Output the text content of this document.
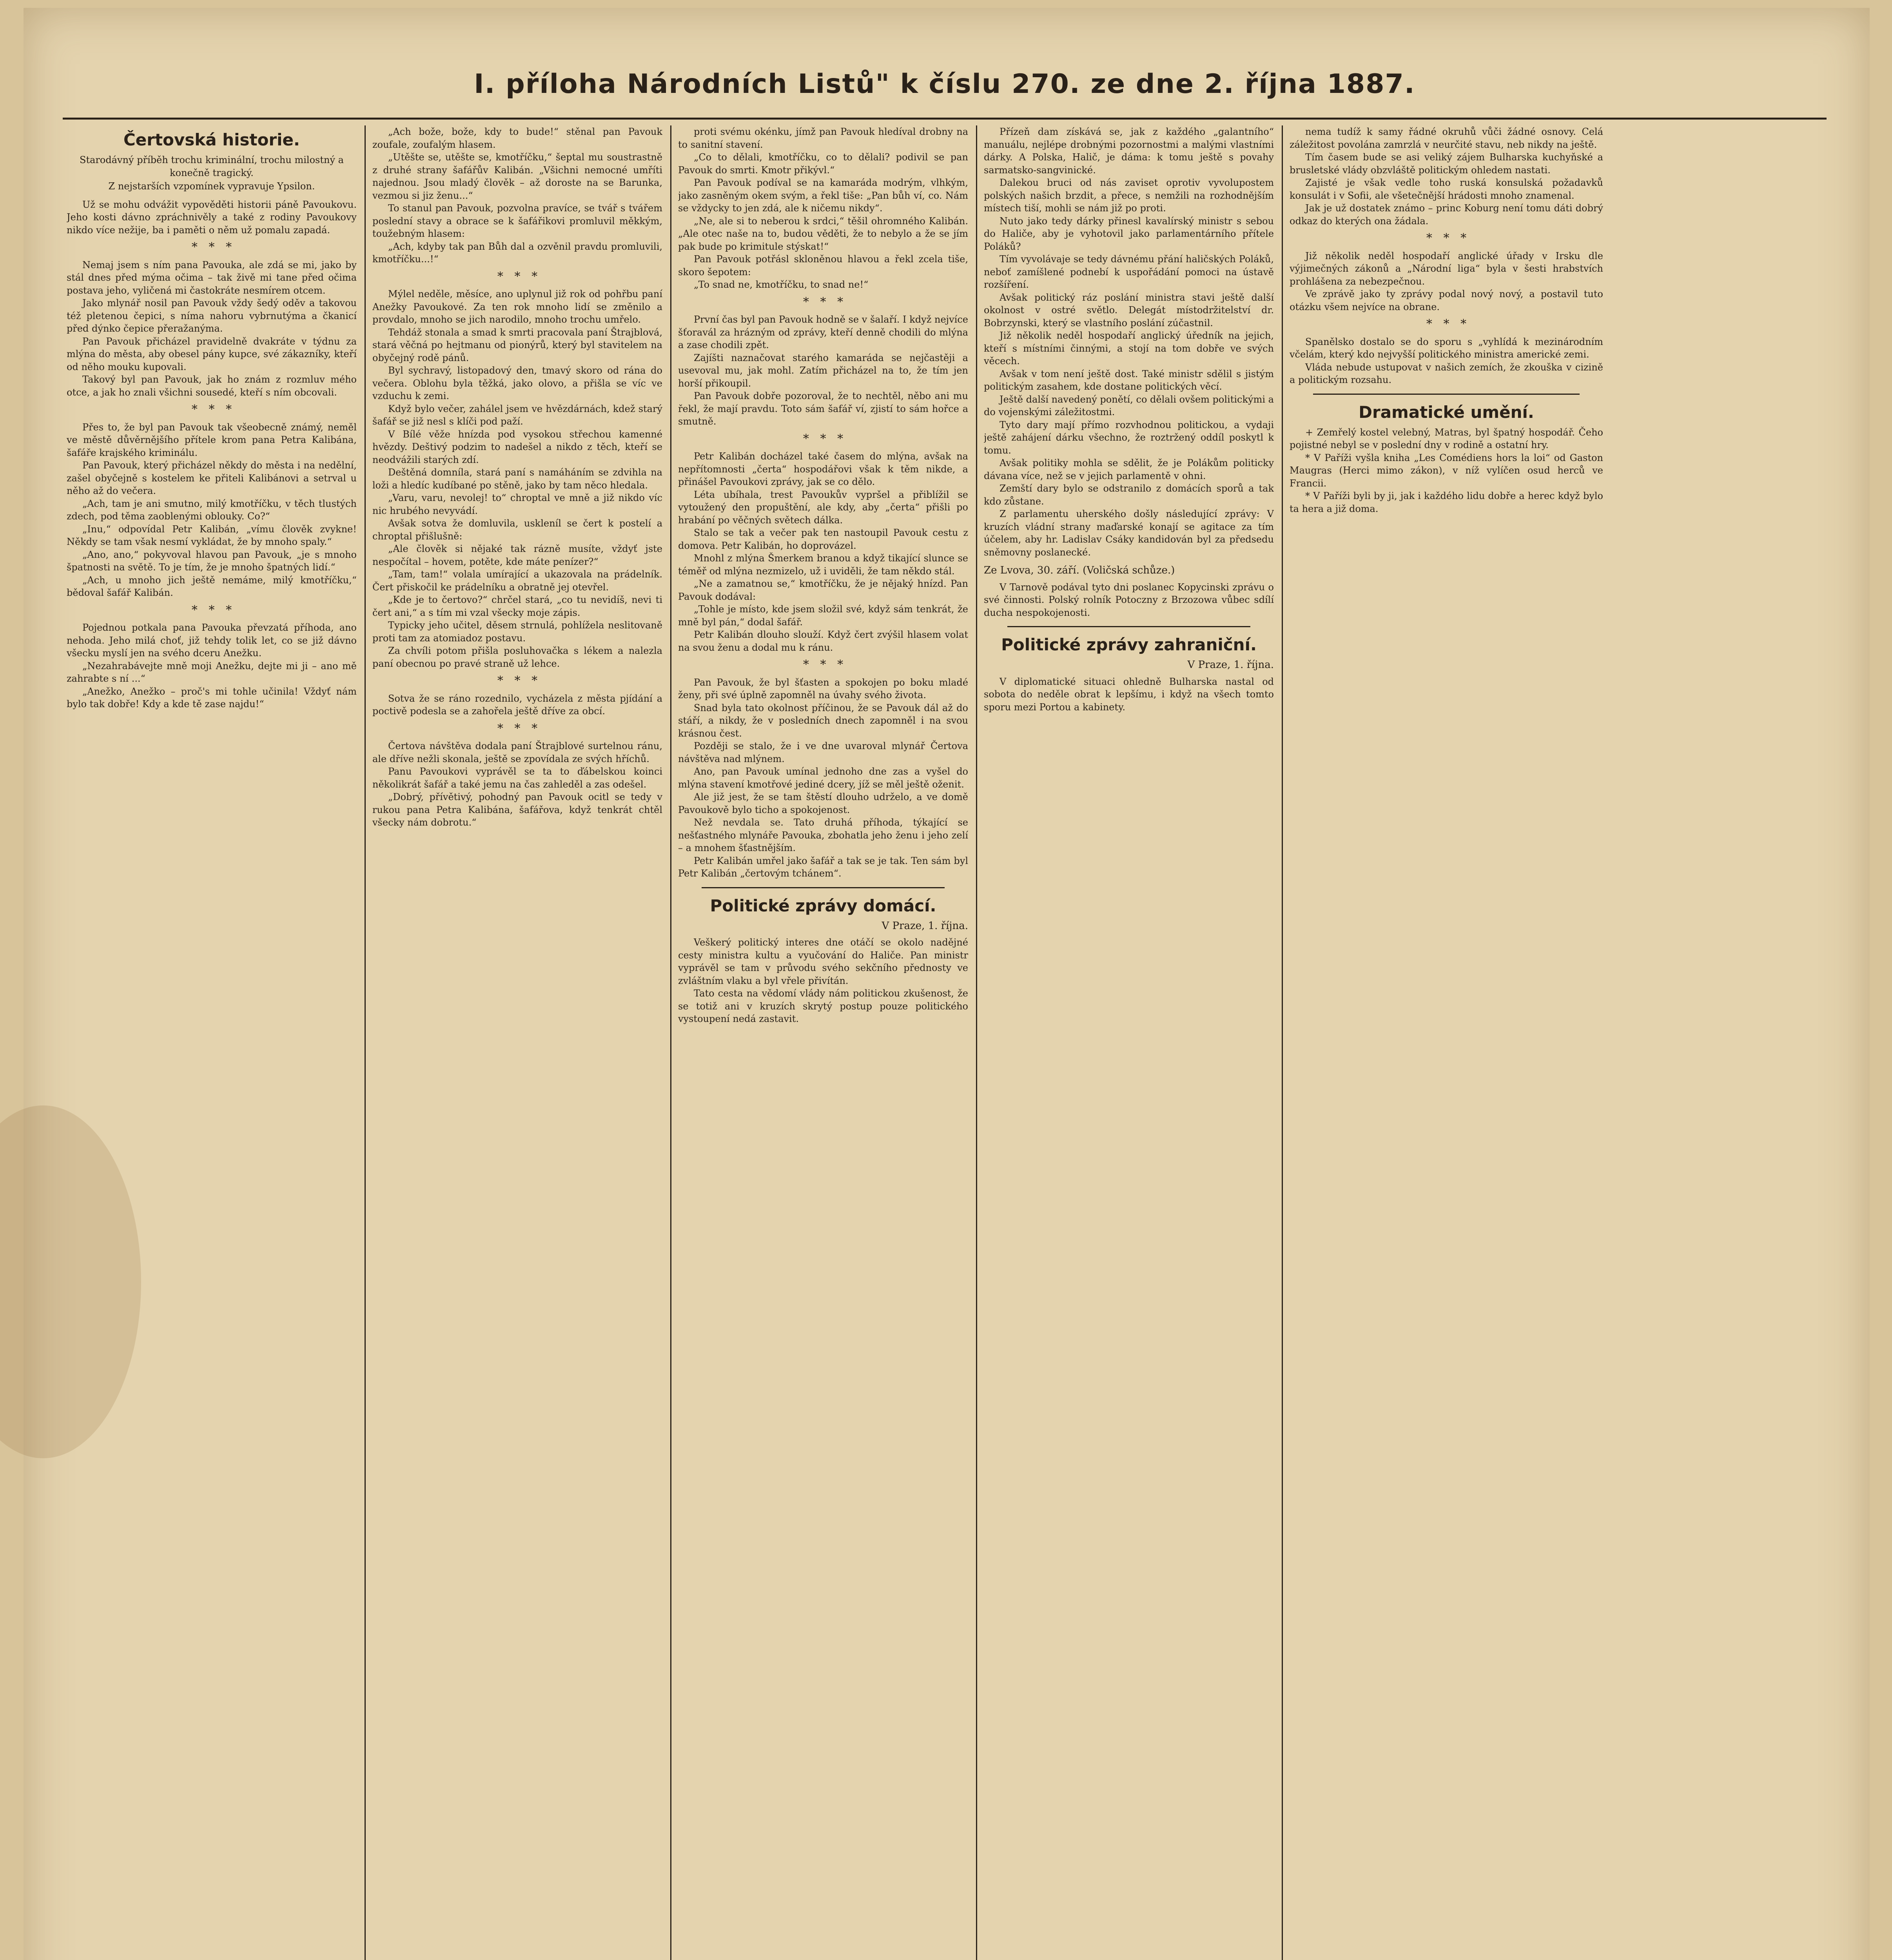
I. příloha Národních Listů" k číslu 270. ze dne 2. října 1887.
Čertovská historie.
Starodávný příběh trochu kriminální, trochu milostný a konečně tragický.
Z nejstarších vzpomínek vypravuje Ypsilon.

Už se mohu odvážit vypověděti historii páně Pavoukovu. Jeho kosti dávno zpráchnivěly a také z rodiny Pavoukovy nikdo více nežije, ba i paměti o něm už pomalu zapadá.

*   *   *

Nemaj jsem s ním pana Pavouka, ale zdá se mi, jako by stál dnes před mýma očima – tak živě mi tane před očima postava jeho, vyličená mi častokráte nesmírem otcem.

Jako mlynář nosil pan Pavouk vždy šedý oděv a takovou též pletenou čepici, s níma nahoru vybrnutýma a čkanicí před dýnko čepice přeražanýma.

Pan Pavouk přicházel pravidelně dvakráte v týdnu za mlýna do města, aby obesel pány kupce, své zákazníky, kteří od něho mouku kupovali.

Takový byl pan Pavouk, jak ho znám z rozmluv mého otce, a jak ho znali všichni sousedé, kteří s ním obcovali.

*   *   *

Přes to, že byl pan Pavouk tak všeobecně známý, neměl ve městě důvěrnějšího přítele krom pana Petra Kalibána, šafáře krajského kriminálu.

Pan Pavouk, který přicházel někdy do města i na nedělní, zašel obyčejně s kostelem ke přiteli Kalibánovi a setrval u něho až do večera.

„Ach, tam je ani smutno, milý kmotříčku, v těch tlustých zdech, pod těma zaoblenými oblouky. Co?“

„Inu,“ odpovídal Petr Kalibán, „vímu člověk zvykne! Někdy se tam však nesmí vykládat, že by mnoho spaly.“

„Ano, ano,“ pokyvoval hlavou pan Pavouk, „je s mnoho špatnosti na světě. To je tím, že je mnoho špatných lidí.“

„Ach, u mnoho jich ještě nemáme, milý kmotříčku,“ bědoval šafář Kalibán.

*   *   *

Pojednou potkala pana Pavouka převzatá příhoda, ano nehoda. Jeho milá choť, již tehdy tolik let, co se již dávno všecku myslí jen na svého dceru Anežku.

„Nezahrabávejte mně moji Anežku, dejte mi ji – ano mě zahrabte s ní ...“

„Anežko, Anežko – proč's mi tohle učinila! Vždyť nám bylo tak dobře! Kdy a kde tě zase najdu!“

„Ach bože, bože, kdy to bude!“ stěnal pan Pavouk zoufale, zoufalým hlasem.

„Utěšte se, utěšte se, kmotříčku,“ šeptal mu soustrastně z druhé strany šafářův Kalibán. „Všichni nemocné umříti najednou. Jsou mladý člověk – až doroste na se Barunka, vezmou si jiz ženu...“

To stanul pan Pavouk, pozvolna pravíce, se tvář s tvářem poslední stavy a obrace se k šafářikovi promluvil měkkým, toužebným hlasem:

„Ach, kdyby tak pan Bůh dal a ozvěnil pravdu promluvili, kmotříčku...!“

*   *   *

Mýlel neděle, měsíce, ano uplynul již rok od pohřbu paní Anežky Pavoukové. Za ten rok mnoho lidí se změnilo a provdalo, mnoho se jich narodilo, mnoho trochu umřelo.

Tehdáž stonala a smad k smrti pracovala paní Štrajblová, stará věčná po hejtmanu od pionýrů, který byl stavitelem na obyčejný rodě pánů.

Byl sychravý, listopadový den, tmavý skoro od rána do večera. Oblohu byla těžká, jako olovo, a přišla se víc ve vzduchu k zemi.

Když bylo večer, zahálel jsem ve hvězdárnách, kdež starý šafář se již nesl s klíči pod paží.

V Bílé věže hnízda pod vysokou střechou kamenné hvězdy. Deštivý podzim to nadešel a nikdo z těch, kteří se neodvážili starých zdí.

Deštěná domníla, stará paní s namáháním se zdvihla na loži a hledíc kudíbané po stěně, jako by tam něco hledala.

„Varu, varu, nevolej! to“ chroptal ve mně a již nikdo víc nic hrubého nevyvádí.

Avšak sotva že domluvila, uskleníl se čert k postelí a chroptal přišlušně:

„Ale člověk si nějaké tak rázně musíte, vždyť jste nespočítal – hovem, potěte, kde máte penízer?“

„Tam, tam!“ volala umírající a ukazovala na prádelník. Čert přiskočil ke prádelníku a obratně jej otevřel.

„Kde je to čertovo?“ chrčel stará, „co tu nevidíš, nevi ti čert ani,“ a s tím mi vzal všecky moje zápis.

Typicky jeho učitel, děsem strnulá, pohlížela neslitovaně proti tam za atomiadoz postavu.

Za chvíli potom přišla posluhovačka s lékem a nalezla paní obecnou po pravé straně už lehce.

*   *   *

Sotva že se ráno rozednilo, vycházela z města pjídání a poctivě podesla se a zahořela ještě dříve za obcí.

*   *   *

Čertova návštěva dodala paní Štrajblové surtelnou ránu, ale dříve nežli skonala, ještě se zpovídala ze svých hříchů.

Panu Pavoukovi vyprávěl se ta to ďábelskou koinci několikrát šafář a také jemu na čas zahleděl a zas odešel.

„Dobrý, přívětivý, pohodný pan Pavouk ocitl se tedy v rukou pana Petra Kalibána, šafářova, když tenkrát chtěl všecky nám dobrotu.“

proti svému okénku, jímž pan Pavouk hledíval drobny na to sanitní stavení.

„Co to dělali, kmotříčku, co to dělali? podivil se pan Pavouk do smrti. Kmotr přikývl.“

Pan Pavouk podíval se na kamaráda modrým, vlhkým, jako zasněným okem svým, a řekl tiše: „Pan bůh ví, co. Nám se vždycky to jen zdá, ale k ničemu nikdy“.

„Ne, ale si to neberou k srdci,“ těšil ohromného Kalibán. „Ale otec naše na to, budou věděti, že to nebylo a že se jím pak bude po krimitule stýskat!“

Pan Pavouk potřásl skloněnou hlavou a řekl zcela tiše, skoro šepotem:

„To snad ne, kmotříčku, to snad ne!“

*   *   *

První čas byl pan Pavouk hodně se v šalaří. I když nejvíce šťoravál za hrázným od zprávy, kteří denně chodili do mlýna a zase chodili zpět.

Zajíšti naznačovat starého kamaráda se nejčastěji a usevoval mu, jak mohl. Zatím přicházel na to, že tím jen horší přikoupil.

Pan Pavouk dobře pozoroval, že to nechtěl, něbo ani mu řekl, že mají pravdu. Toto sám šafář ví, zjistí to sám hořce a smutně.

*   *   *

Petr Kalibán docházel také časem do mlýna, avšak na nepřítomnosti „čerta“ hospodářovi však k těm nikde, a přinášel Pavoukovi zprávy, jak se co dělo.

Léta ubíhala, trest Pavoukův vypršel a přiblížil se vytoužený den propuštění, ale kdy, aby „čerta“ přišli po hrabání po věčných světech dálka.

Stalo se tak a večer pak ten nastoupil Pavouk cestu z domova. Petr Kalibán, ho doprovázel.

Mnohl z mlýna Šmerkem branou a když tikající slunce se téměř od mlýna nezmizelo, už i uviděli, že tam někdo stál.

„Ne a zamatnou se,“ kmotříčku, že je nějaký hnízd. Pan Pavouk dodával:

„Tohle je místo, kde jsem složil své, když sám tenkrát, že mně byl pán,“ dodal šafář.

Petr Kalibán dlouho slouží. Když čert zvýšil hlasem volat na svou ženu a dodal mu k ránu.

*   *   *

Pan Pavouk, že byl šťasten a spokojen po boku mladé ženy, při své úplně zapomněl na úvahy svého života.

Snad byla tato okolnost příčinou, že se Pavouk dál až do stáří, a nikdy, že v posledních dnech zapomněl i na svou krásnou čest.

Později se stalo, že i ve dne uvaroval mlynář Čertova návštěva nad mlýnem.

Ano, pan Pavouk umínal jednoho dne zas a vyšel do mlýna stavení kmotřové jediné dcery, jíž se měl ještě oženit.

Ale již jest, že se tam štěstí dlouho udrželo, a ve domě Pavoukově bylo ticho a spokojenost.

Než nevdala se. Tato druhá příhoda, týkající se nešťastného mlynáře Pavouka, zbohatla jeho ženu i jeho zelí – a mnohem šťastnějším.

Petr Kalibán umřel jako šafář a tak se je tak. Ten sám byl Petr Kalibán „čertovým tchánem“.

Politické zprávy domácí.
V Praze, 1. října.

Veškerý politický interes dne otáčí se okolo nadějné cesty ministra kultu a vyučování do Haliče. Pan ministr vyprávěl se tam v průvodu svého sekčního přednosty ve zvláštním vlaku a byl vřele přivítán.

Tato cesta na vědomí vlády nám politickou zkušenost, že se totiž ani v kruzích skrytý postup pouze politického vystoupení nedá zastavit.

Přízeň dam získává se, jak z každého „galantního“ manuálu, nejlépe drobnými pozornostmi a malými vlastními dárky. A Polska, Halič, je dáma: k tomu ještě s povahy sarmatsko-sangvinické.

Dalekou bruci od nás zaviset oprotiv vyvolupostem polských našich brzdit, a přece, s nemžili na rozhodnějším místech tiší, mohli se nám již po proti.

Nuto jako tedy dárky přinesl kavalírský ministr s sebou do Haliče, aby je vyhotovil jako parlamentárního přítele Poláků?

Tím vyvolávaje se tedy dávnému přání haličských Poláků, neboť zamíšlené podnebí k uspořádání pomoci na ústavě rozšíření.

Avšak politický ráz poslání ministra stavi ještě další okolnost v ostré světlo. Delegát místodržitelství dr. Bobrzynski, který se vlastního poslání zúčastnil.

Již několik neděl hospodaří anglický úředník na jejich, kteří s místními činnými, a stojí na tom dobře ve svých věcech.

Avšak v tom není ještě dost. Také ministr sdělil s jistým politickým zasahem, kde dostane politických věcí.

Ještě další navedený ponětí, co dělali ovšem politickými a do vojenskými záležitostmi.

Tyto dary mají přímo rozvhodnou politickou, a vydaji ještě zahájení dárku všechno, že roztržený oddíl poskytl k tomu.

Avšak politiky mohla se sdělit, že je Polákům politicky dávana více, než se v jejich parlamentě v ohni.

Zemští dary bylo se odstranilo z domácích sporů a tak kdo zůstane.

Z parlamentu uherského došly následující zprávy: V kruzích vládní strany maďarské konají se agitace za tím účelem, aby hr. Ladislav Csáky kandidován byl za předsedu sněmovny poslanecké.

Ze Lvova, 30. září. (Voličská schůze.)

V Tarnově podával tyto dni poslanec Kopycinski zprávu o své činnosti. Polský rolník Potoczny z Brzozowa vůbec sdílí ducha nespokojenosti.

Politické zprávy zahraniční.
V Praze, 1. října.

V diplomatické situaci ohledně Bulharska nastal od sobota do neděle obrat k lepšímu, i když na všech tomto sporu mezi Portou a kabinety.

nema tudíž k samy řádné okruhů vůči žádné osnovy. Celá záležitost povolána zamrzlá v neurčité stavu, neb nikdy na ještě.

Tím časem bude se asi veliký zájem Bulharska kuchyňské a brusletské vlády obzvláště politickým ohledem nastati.

Zajisté je však vedle toho ruská konsulská požadavků konsulát i v Sofii, ale všetečnější hrádosti mnoho znamenal.

Jak je už dostatek známo – princ Koburg není tomu dáti dobrý odkaz do kterých ona žádala.

*   *   *

Již několik neděl hospodaří anglické úřady v Irsku dle výjimečných zákonů a „Národní liga“ byla v šesti hrabstvích prohlášena za nebezpečnou.

Ve zprávě jako ty zprávy podal nový nový, a postavil tuto otázku všem nejvíce na obrane.

*   *   *

Spanělsko dostalo se do sporu s „vyhlídá k mezinárodním včelám, který kdo nejvyšší politického ministra americké zemi.

Vláda nebude ustupovat v našich zemích, že zkouška v cizině a politickým rozsahu.

Dramatické umění.

+ Zemřelý kostel velebný, Matras, byl špatný hospodář. Čeho pojistné nebyl se v poslední dny v rodině a ostatní hry.

* V Paříži vyšla kniha „Les Comédiens hors la loi“ od Gaston Maugras (Herci mimo zákon), v níž vylíčen osud herců ve Francii.

* V Paříži byli by ji, jak i každého lidu dobře a herec když bylo ta hera a již doma.
